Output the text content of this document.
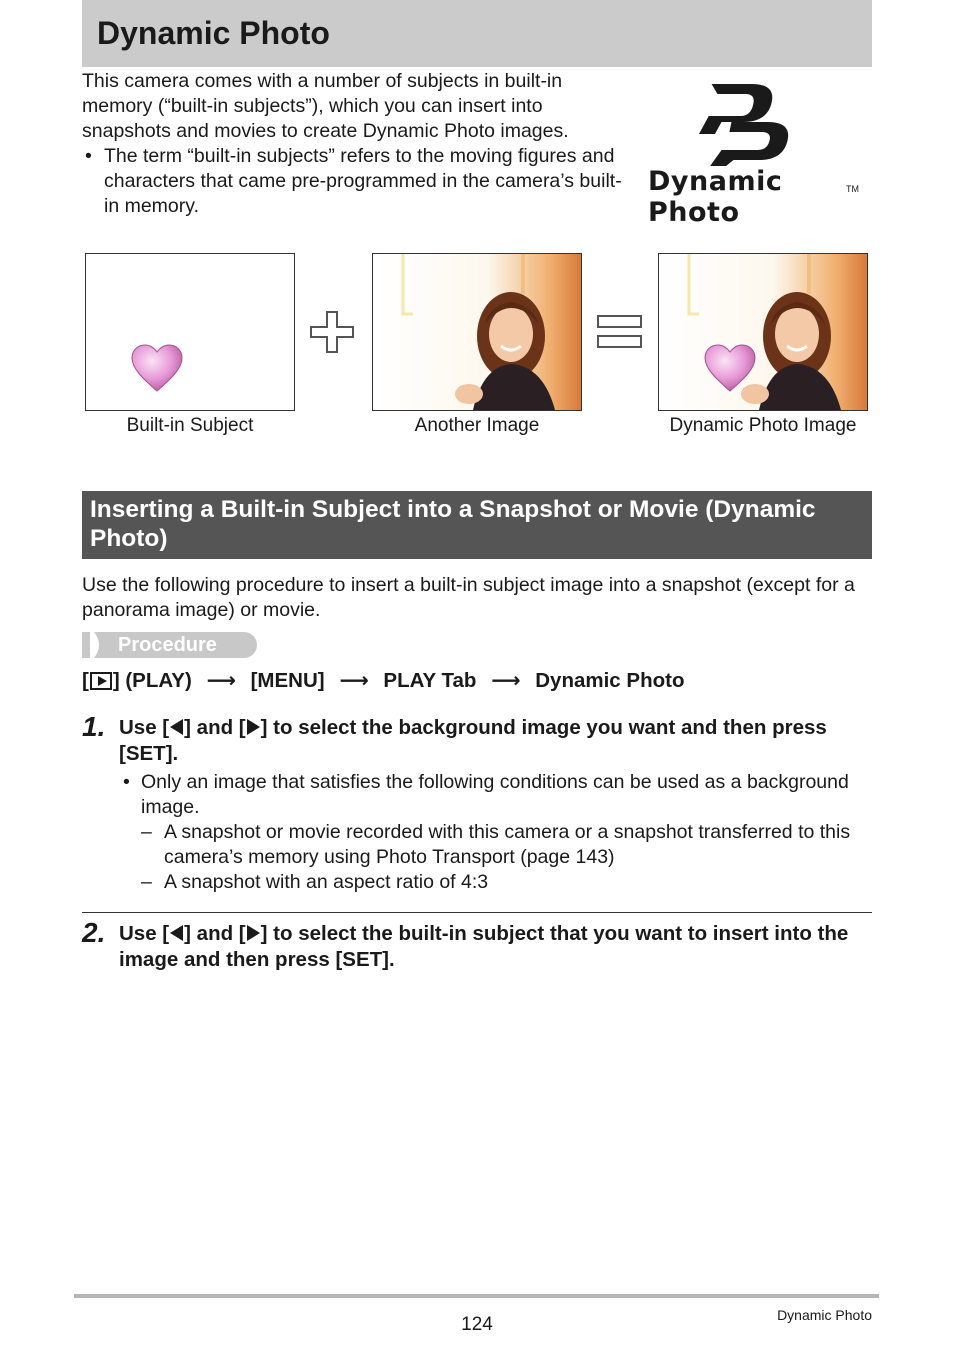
Dynamic Photo

This camera comes with a number of subjects in built-in memory (“built-in subjects”), which you can insert into snapshots and movies to create Dynamic Photo images.

• The term “built-in subjects” refers to the moving figures and characters that came pre-programmed in the camera’s built-in memory.

Dynamic Photo
TM
Built-in Subject	Another Image	Dynamic Photo Image
Inserting a Built-in Subject into a Snapshot or Movie (Dynamic Photo)

Use the following procedure to insert a built-in subject image into a snapshot (except for a panorama image) or movie.

Procedure
[ ] (PLAY) ⟶ [MENU] ⟶ PLAY Tab ⟶ Dynamic Photo
1. Use [ ] and [ ] to select the background image you want and then press [SET].
• Only an image that satisfies the following conditions can be used as a background image.
– A snapshot or movie recorded with this camera or a snapshot transferred to this camera’s memory using Photo Transport (page 143)
– A snapshot with an aspect ratio of 4:3
2. Use [ ] and [ ] to select the built-in subject that you want to insert into the image and then press [SET].
124	Dynamic Photo
